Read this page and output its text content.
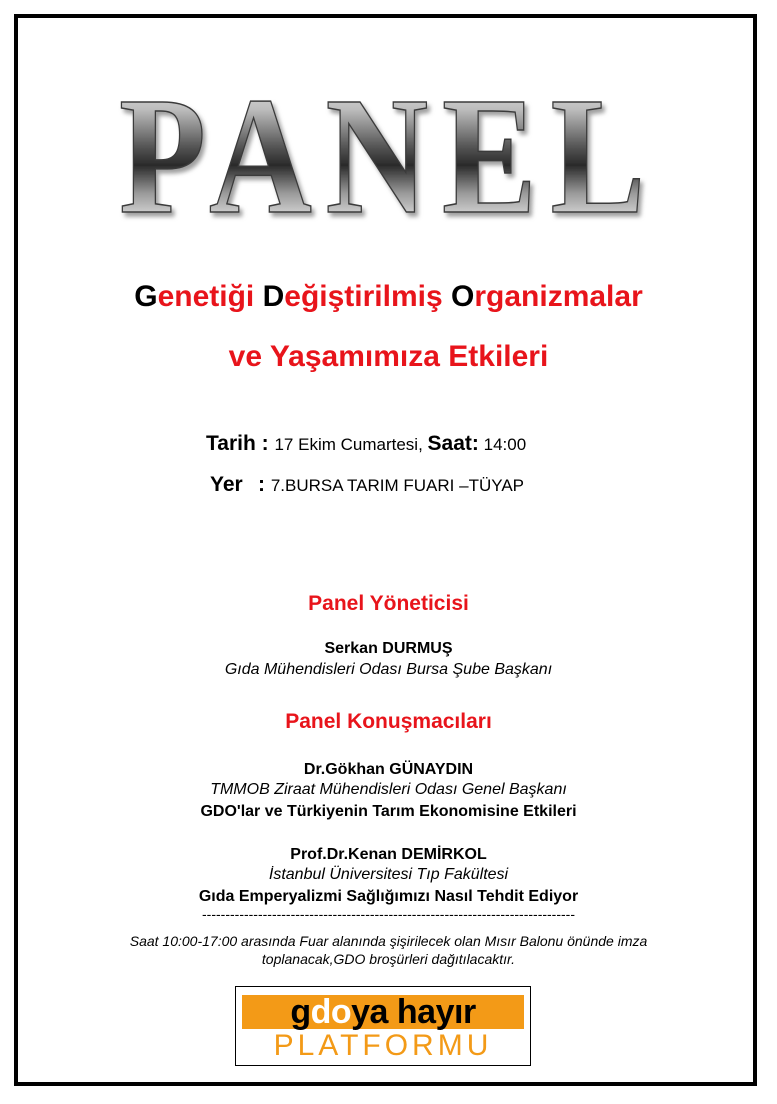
PANEL
Genetiği Değiştirilmiş Organizmalar
ve Yaşamımıza Etkileri
Tarih : 17 Ekim Cumartesi, Saat: 14:00
Yer   : 7.BURSA TARIM FUARI –TÜYAP
Panel Yöneticisi
Serkan DURMUŞ
Gıda Mühendisleri Odası Bursa Şube Başkanı
Panel Konuşmacıları
Dr.Gökhan GÜNAYDIN
TMMOB Ziraat Mühendisleri Odası Genel Başkanı
GDO'lar ve Türkiyenin Tarım Ekonomisine Etkileri
Prof.Dr.Kenan DEMİRKOL
İstanbul Üniversitesi Tıp Fakültesi
Gıda Emperyalizmi Sağlığımızı Nasıl Tehdit Ediyor
--------------------------------------------------------------------------------
Saat 10:00-17:00 arasında Fuar alanında şişirilecek olan Mısır Balonu önünde imza toplanacak,GDO broşürleri dağıtılacaktır.
gdoya hayır
PLATFORMU
